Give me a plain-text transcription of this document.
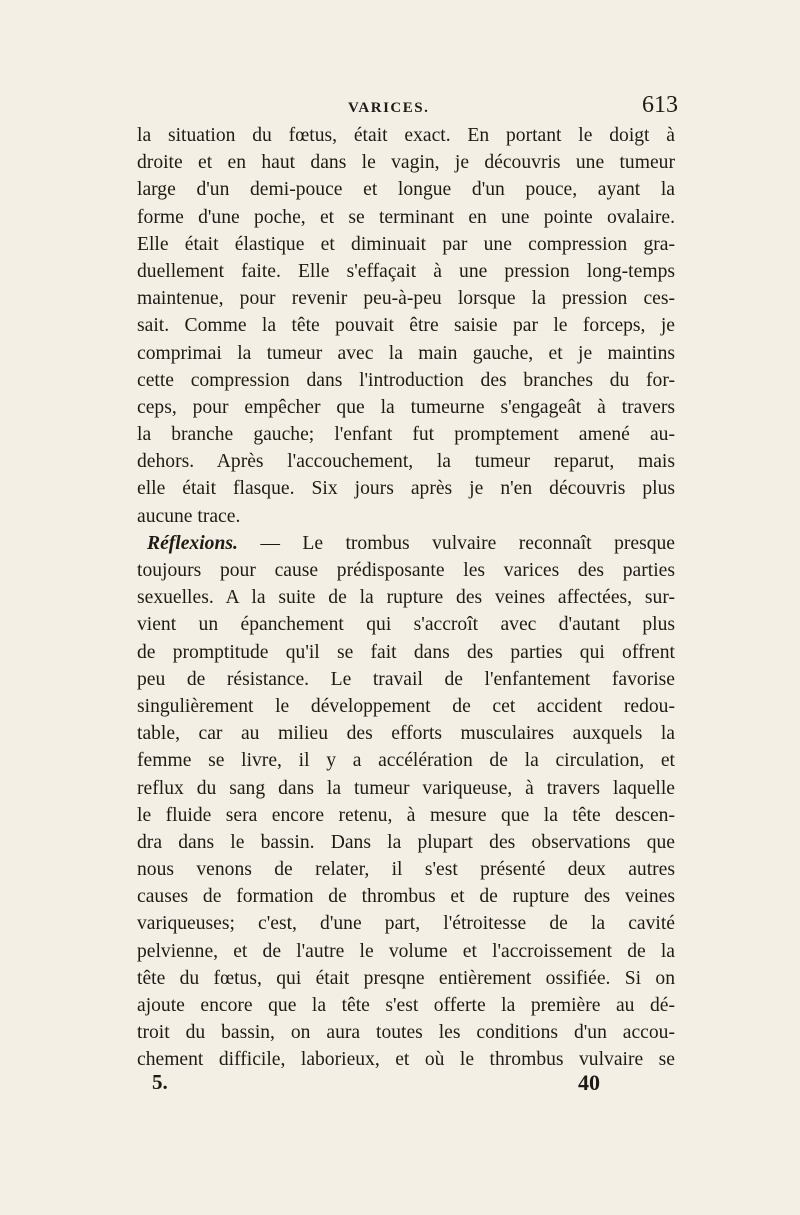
VARICES.	613
la situation du fœtus, était exact. En portant le doigt à
droite et en haut dans le vagin, je découvris une tumeur
large d'un demi-pouce et longue d'un pouce, ayant la
forme d'une poche, et se terminant en une pointe ovalaire.
Elle était élastique et diminuait par une compression gra-
duellement faite. Elle s'effaçait à une pression long-temps
maintenue, pour revenir peu-à-peu lorsque la pression ces-
sait. Comme la tête pouvait être saisie par le forceps, je
comprimai la tumeur avec la main gauche, et je maintins
cette compression dans l'introduction des branches du for-
ceps, pour empêcher que la tumeurne s'engageât à travers
la branche gauche; l'enfant fut promptement amené au-
dehors. Après l'accouchement, la tumeur reparut, mais
elle était flasque. Six jours après je n'en découvris plus
aucune trace.
Réflexions. — Le trombus vulvaire reconnaît presque
toujours pour cause prédisposante les varices des parties
sexuelles. A la suite de la rupture des veines affectées, sur-
vient un épanchement qui s'accroît avec d'autant plus
de promptitude qu'il se fait dans des parties qui offrent
peu de résistance. Le travail de l'enfantement favorise
singulièrement le développement de cet accident redou-
table, car au milieu des efforts musculaires auxquels la
femme se livre, il y a accélération de la circulation, et
reflux du sang dans la tumeur variqueuse, à travers laquelle
le fluide sera encore retenu, à mesure que la tête descen-
dra dans le bassin. Dans la plupart des observations que
nous venons de relater, il s'est présenté deux autres
causes de formation de thrombus et de rupture des veines
variqueuses; c'est, d'une part, l'étroitesse de la cavité
pelvienne, et de l'autre le volume et l'accroissement de la
tête du fœtus, qui était presqne entièrement ossifiée. Si on
ajoute encore que la tête s'est offerte la première au dé-
troit du bassin, on aura toutes les conditions d'un accou-
chement difficile, laborieux, et où le thrombus vulvaire se
5.	40
